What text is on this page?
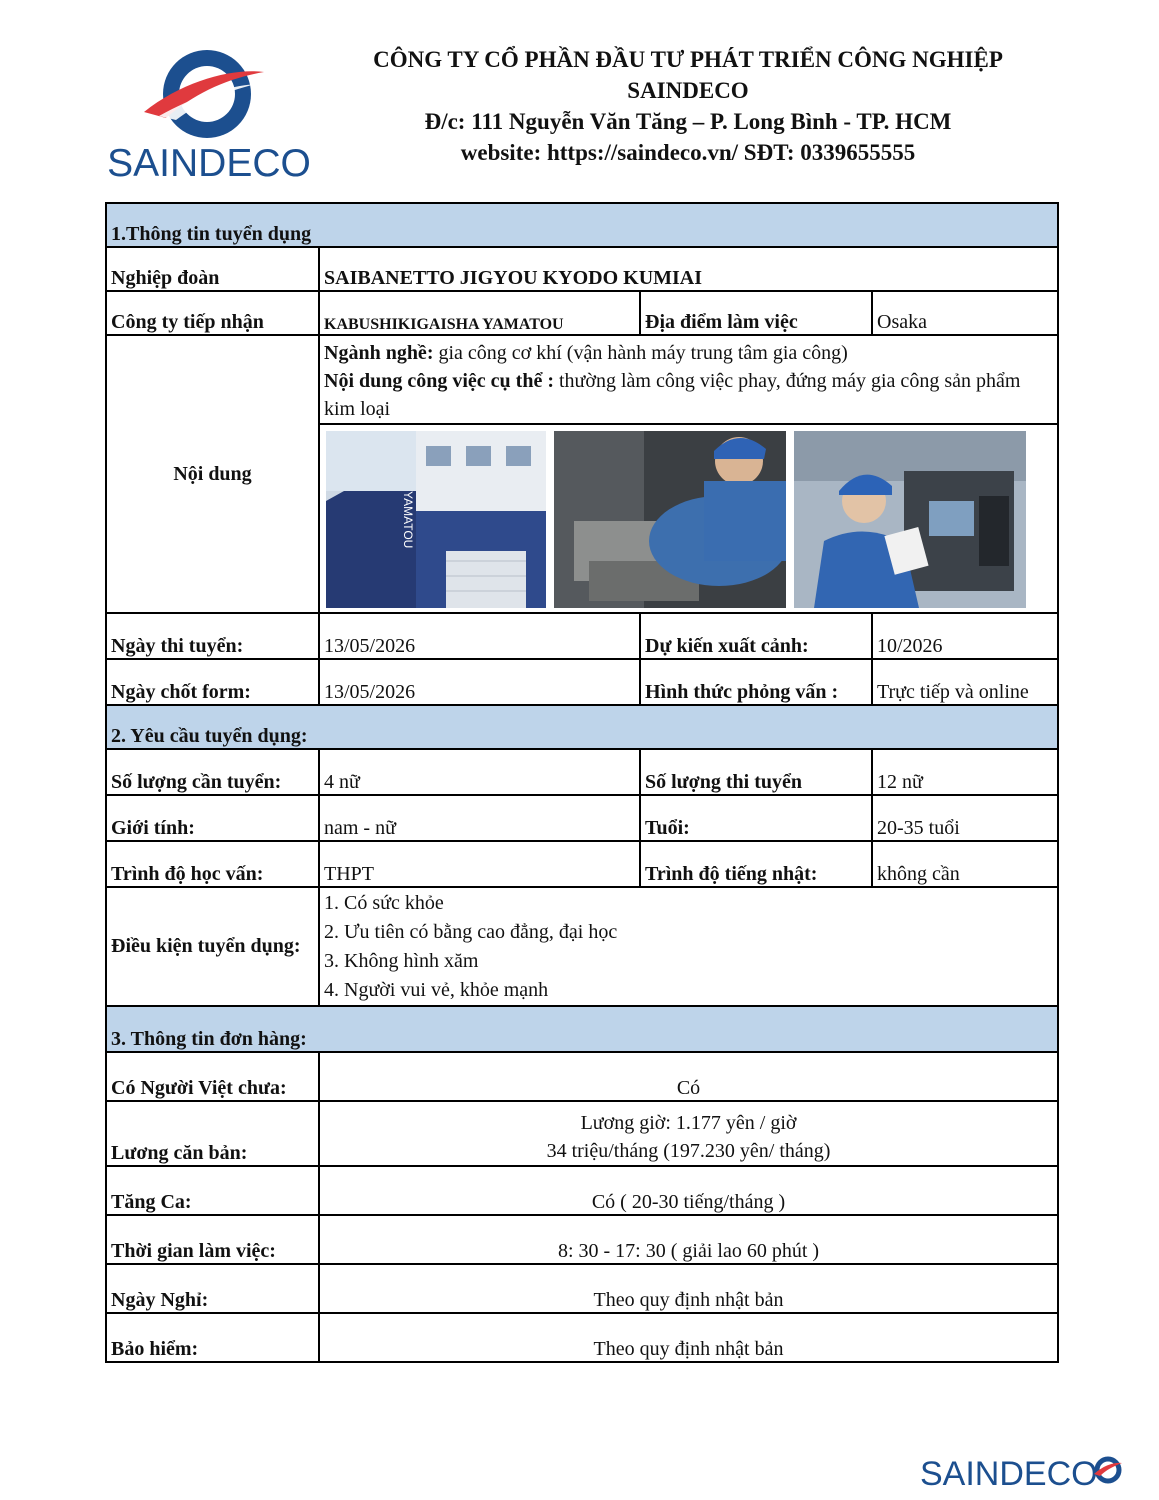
SAINDECO
CÔNG TY CỔ PHẦN ĐẦU TƯ PHÁT TRIỂN CÔNG NGHIỆP
SAINDECO
Đ/c: 111 Nguyễn Văn Tăng – P. Long Bình - TP. HCM
website: https://saindeco.vn/ SĐT: 0339655555
1.Thông tin tuyển dụng			
Nghiệp đoàn	SAIBANETTO JIGYOU KYODO KUMIAI		
Công ty tiếp nhận	KABUSHIKIGAISHA YAMATOU	Địa điểm làm việc	Osaka
Nội dung	Ngành nghề: gia công cơ khí (vận hành máy trung tâm gia công)
Nội dung công việc cụ thể : thường làm công việc phay, đứng máy gia công sản phẩm kim loại		

YAMATOU		

Ngày thi tuyển:	13/05/2026	Dự kiến xuất cảnh:	10/2026
Ngày chốt form:	13/05/2026	Hình thức phỏng vấn :	Trực tiếp và online
2. Yêu cầu tuyển dụng:			
Số lượng cần tuyển:	4 nữ	Số lượng thi tuyển	12 nữ
Giới tính:	nam - nữ	Tuổi:	20-35 tuổi
Trình độ học vấn:	THPT	Trình độ tiếng nhật:	không cần
Điều kiện tuyển dụng:	1. Có sức khỏe
2. Ưu tiên có bằng cao đẳng, đại học
3. Không hình xăm
4. Người vui vẻ, khỏe mạnh		

3. Thông tin đơn hàng:			
Có Người Việt chưa:	Có		
Lương căn bản:	Lương giờ: 1.177 yên / giờ
34 triệu/tháng (197.230 yên/ tháng)		

Tăng Ca:	Có ( 20-30 tiếng/tháng )		
Thời gian làm việc:	8: 30 - 17: 30 ( giải lao 60 phút )		
Ngày Nghỉ:	Theo quy định nhật bản		
Bảo hiểm:	Theo quy định nhật bản		
SAINDECO
